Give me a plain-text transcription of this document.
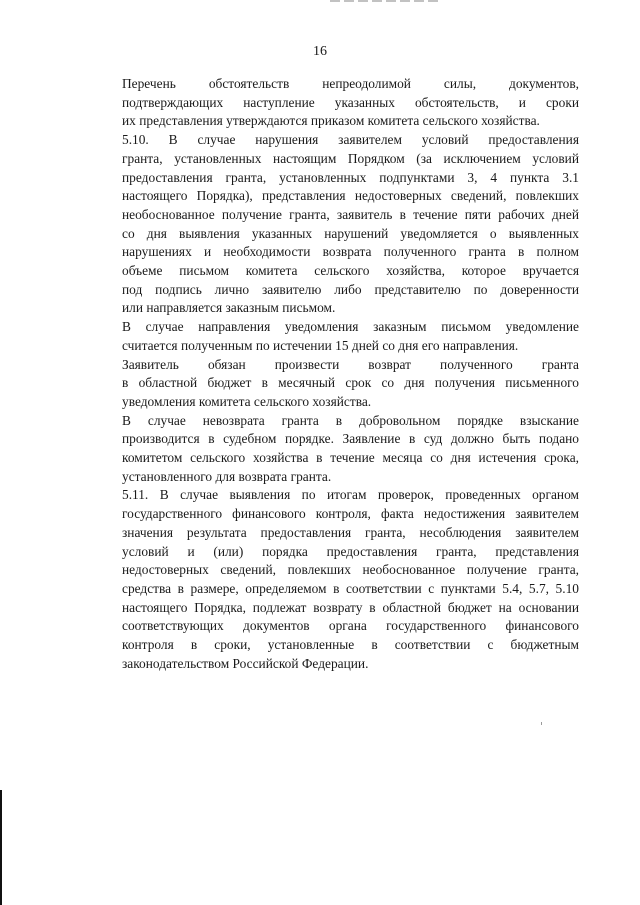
16

Перечень обстоятельств непреодолимой силы, документов,
подтверждающих наступление указанных обстоятельств, и сроки
их представления утверждаются приказом комитета сельского хозяйства.

5.10. В случае нарушения заявителем условий предоставления
гранта, установленных настоящим Порядком (за исключением условий
предоставления гранта, установленных подпунктами 3, 4 пункта 3.1
настоящего Порядка), представления недостоверных сведений, повлекших
необоснованное получение гранта, заявитель в течение пяти рабочих дней
со дня выявления указанных нарушений уведомляется о выявленных
нарушениях и необходимости возврата полученного гранта в полном
объеме письмом комитета сельского хозяйства, которое вручается
под подпись лично заявителю либо представителю по доверенности
или направляется заказным письмом.

В случае направления уведомления заказным письмом уведомление
считается полученным по истечении 15 дней со дня его направления.

Заявитель обязан произвести возврат полученного гранта
в областной бюджет в месячный срок со дня получения письменного
уведомления комитета сельского хозяйства.

В случае невозврата гранта в добровольном порядке взыскание
производится в судебном порядке. Заявление в суд должно быть подано
комитетом сельского хозяйства в течение месяца со дня истечения срока,
установленного для возврата гранта.

5.11. В случае выявления по итогам проверок, проведенных органом
государственного финансового контроля, факта недостижения заявителем
значения результата предоставления гранта, несоблюдения заявителем
условий и (или) порядка предоставления гранта, представления
недостоверных сведений, повлекших необоснованное получение гранта,
средства в размере, определяемом в соответствии с пунктами 5.4, 5.7, 5.10
настоящего Порядка, подлежат возврату в областной бюджет на основании
соответствующих документов органа государственного финансового
контроля в сроки, установленные в соответствии с бюджетным
законодательством Российской Федерации.
